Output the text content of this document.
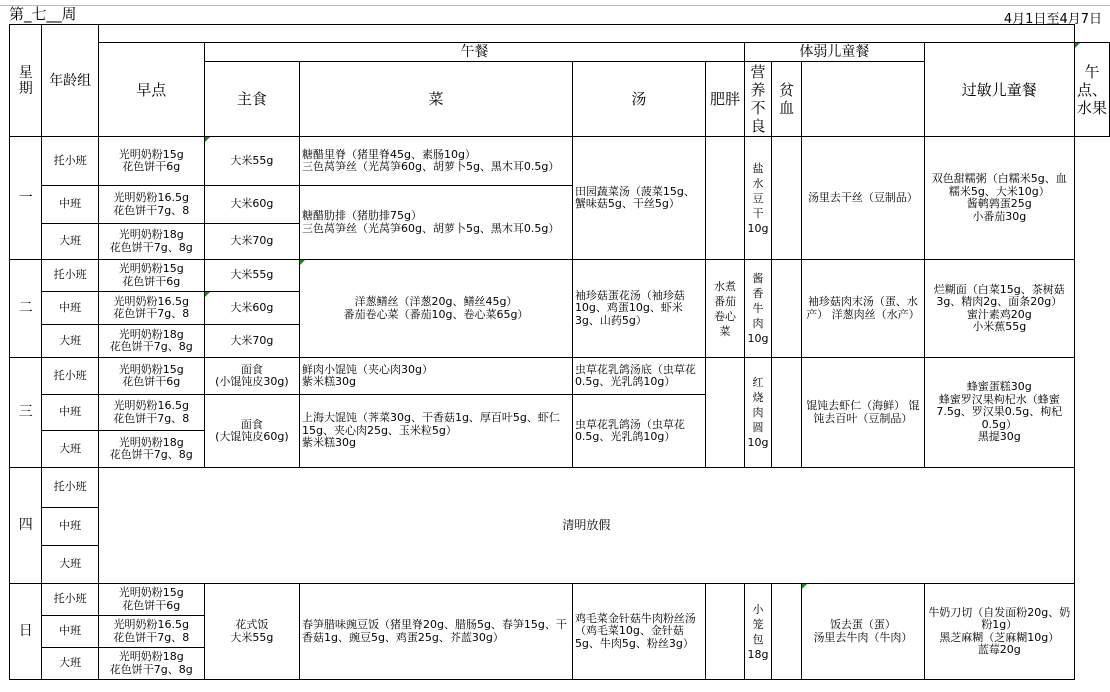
第_七__周	4月1日至4月7日
星期	年龄组										
		早点	午餐				体弱儿童餐			过敏儿童餐	午点、水果
			主食	菜	汤	肥胖	营养不良	贫血			

一	托小班	光明奶粉15g
花色饼干6g	大米55g	糖醋里脊（猪里脊45g、素肠10g）
三色莴笋丝（光莴笋60g、胡萝卜5g、黑木耳0.5g）	田园蔬菜汤（菠菜15g、蟹味菇5g、干丝5g）		盐
水
豆
干
10g		汤里去干丝（豆制品）	双色甜糯粥（白糯米5g、血糯米5g、大米10g）
酱鹌鹑蛋25g
小番茄30g	

	中班	光明奶粉16.5g
花色饼干7g、8	大米60g	糖醋肋排（猪肋排75g）
三色莴笋丝（光莴笋60g、胡萝卜5g、黑木耳0.5g）							

	大班	光明奶粉18g
花色饼干7g、8g	大米70g								
二	托小班	光明奶粉15g
花色饼干6g	大米55g	洋葱鳝丝（洋葱20g、鳝丝45g）
番茄卷心菜（番茄10g、卷心菜65g）	袖珍菇蛋花汤（袖珍菇10g、鸡蛋10g、虾米3g、山药5g）	水煮
番茄
卷心
菜	酱
香
牛
肉
10g		袖珍菇肉末汤（蛋、水产） 洋葱肉丝（水产）	烂糊面（白菜15g、茶树菇3g、精肉2g、面条20g）
蜜汁素鸡20g
小米蕉55g	

	中班	光明奶粉16.5g
花色饼干7g、8	大米60g								
	大班	光明奶粉18g
花色饼干7g、8g	大米70g								
三	托小班	光明奶粉15g
花色饼干6g	面食
(小馄饨皮30g)	鲜肉小馄饨（夹心肉30g）
紫米糕30g	虫草花乳鸽汤底（虫草花0.5g、光乳鸽10g）		红
烧
肉
圆
10g		馄饨去虾仁（海鲜） 馄饨去百叶（豆制品）	蜂蜜蛋糕30g
蜂蜜罗汉果枸杞水（蜂蜜7.5g、罗汉果0.5g、枸杞0.5g）
黑提30g	

	中班	光明奶粉16.5g
花色饼干7g、8	面食
(大馄饨皮60g)	上海大馄饨（荠菜30g、干香菇1g、厚百叶5g、虾仁15g、夹心肉25g、玉米粒5g）
紫米糕30g	虫草花乳鸽汤（虫草花0.5g、光乳鸽10g）						
	大班	光明奶粉18g
花色饼干7g、8g									

四	托小班	清明放假									
	中班										
	大班										
日	托小班	光明奶粉15g
花色饼干6g	花式饭
大米55g	春笋腊味豌豆饭（猪里脊20g、腊肠5g、春笋15g、干香菇1g、豌豆5g、鸡蛋25g、芥蓝30g）	鸡毛菜金针菇牛肉粉丝汤（鸡毛菜10g、金针菇5g、牛肉5g、粉丝3g）		小
笼
包
18g		饭去蛋（蛋）
汤里去牛肉（牛肉）	牛奶刀切（自发面粉20g、奶粉1g）
黑芝麻糊（芝麻糊10g）
蓝莓20g	

	中班	光明奶粉16.5g
花色饼干7g、8									

	大班	光明奶粉18g
花色饼干7g、8g									
